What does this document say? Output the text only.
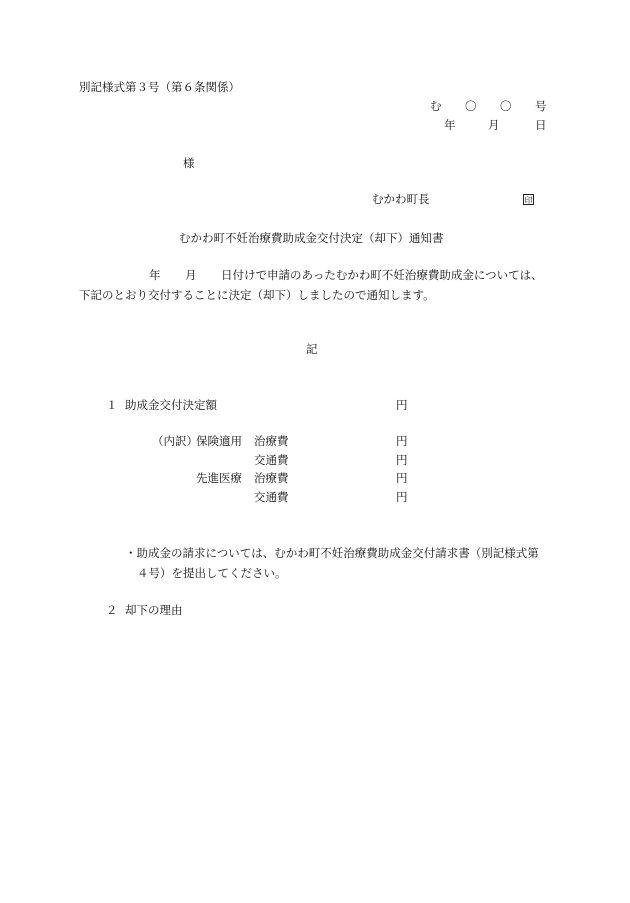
別記様式第３号（第６条関係）
む 〇 〇 号
年	月	日
様
むかわ町長	印
むかわ町不妊治療費助成金交付決定（却下）通知書
年 月 日付けで申請のあったむかわ町不妊治療費助成金については、
下記のとおり交付することに決定（却下）しましたので通知します。
記
１ 助成金交付決定額	円
（内訳）
保険適用 治療費	円
交通費	円
先進医療 治療費	円
交通費	円
・助成金の請求については、むかわ町不妊治療費助成金交付請求書（別記様式第
４号）を提出してください。
２ 却下の理由
